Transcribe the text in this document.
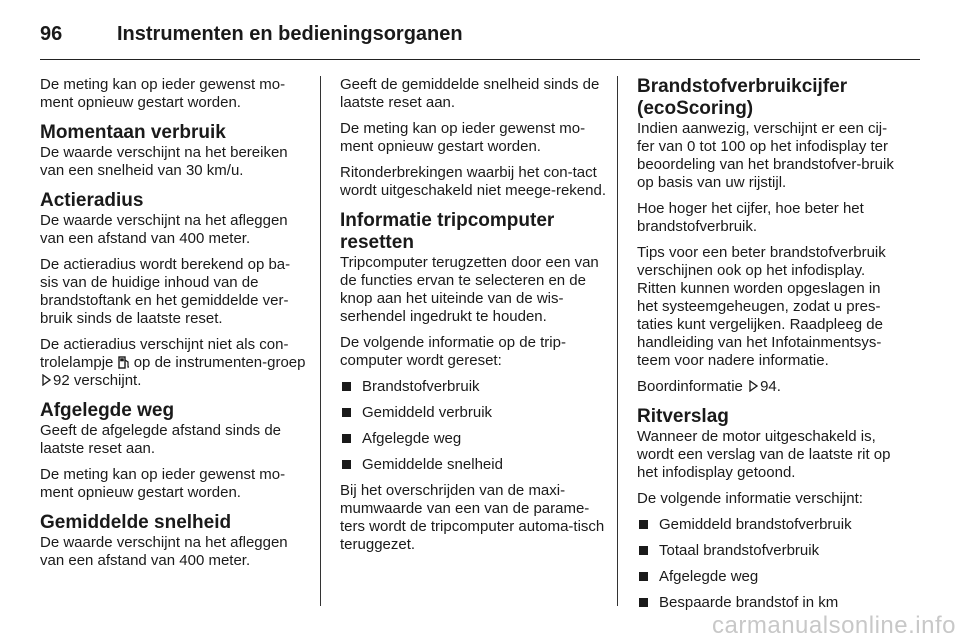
96	Instrumenten en bedieningsorganen

De meting kan op ieder gewenst mo-ment opnieuw gestart worden.

Momentaan verbruik

De waarde verschijnt na het bereiken van een snelheid van 30 km/u.

Actieradius

De waarde verschijnt na het afleggen van een afstand van 400 meter.

De actieradius wordt berekend op ba-sis van de huidige inhoud van de brandstoftank en het gemiddelde ver-bruik sinds de laatste reset.

De actieradius verschijnt niet als con-trolelampje op de instrumenten-groep 92 verschijnt.

Afgelegde weg

Geeft de afgelegde afstand sinds de laatste reset aan.

De meting kan op ieder gewenst mo-ment opnieuw gestart worden.

Gemiddelde snelheid

De waarde verschijnt na het afleggen van een afstand van 400 meter.

Geeft de gemiddelde snelheid sinds de laatste reset aan.

De meting kan op ieder gewenst mo-ment opnieuw gestart worden.

Ritonderbrekingen waarbij het con-tact wordt uitgeschakeld niet meege-rekend.

Informatie tripcomputer resetten

Tripcomputer terugzetten door een van de functies ervan te selecteren en de knop aan het uiteinde van de wis-serhendel ingedrukt te houden.

De volgende informatie op de trip-computer wordt gereset:

Brandstofverbruik
Gemiddeld verbruik
Afgelegde weg
Gemiddelde snelheid

Bij het overschrijden van de maxi-mumwaarde van een van de parame-ters wordt de tripcomputer automa-tisch teruggezet.

Brandstofverbruikcijfer (ecoScoring)

Indien aanwezig, verschijnt er een cij-fer van 0 tot 100 op het infodisplay ter beoordeling van het brandstofver-bruik op basis van uw rijstijl.

Hoe hoger het cijfer, hoe beter het brandstofverbruik.

Tips voor een beter brandstofverbruik verschijnen ook op het infodisplay. Ritten kunnen worden opgeslagen in het systeemgeheugen, zodat u pres-taties kunt vergelijken. Raadpleeg de handleiding van het Infotainmentsys-teem voor nadere informatie.

Boordinformatie 94.

Ritverslag

Wanneer de motor uitgeschakeld is, wordt een verslag van de laatste rit op het infodisplay getoond.

De volgende informatie verschijnt:

Gemiddeld brandstofverbruik
Totaal brandstofverbruik
Afgelegde weg
Bespaarde brandstof in km
carmanualsonline.info
